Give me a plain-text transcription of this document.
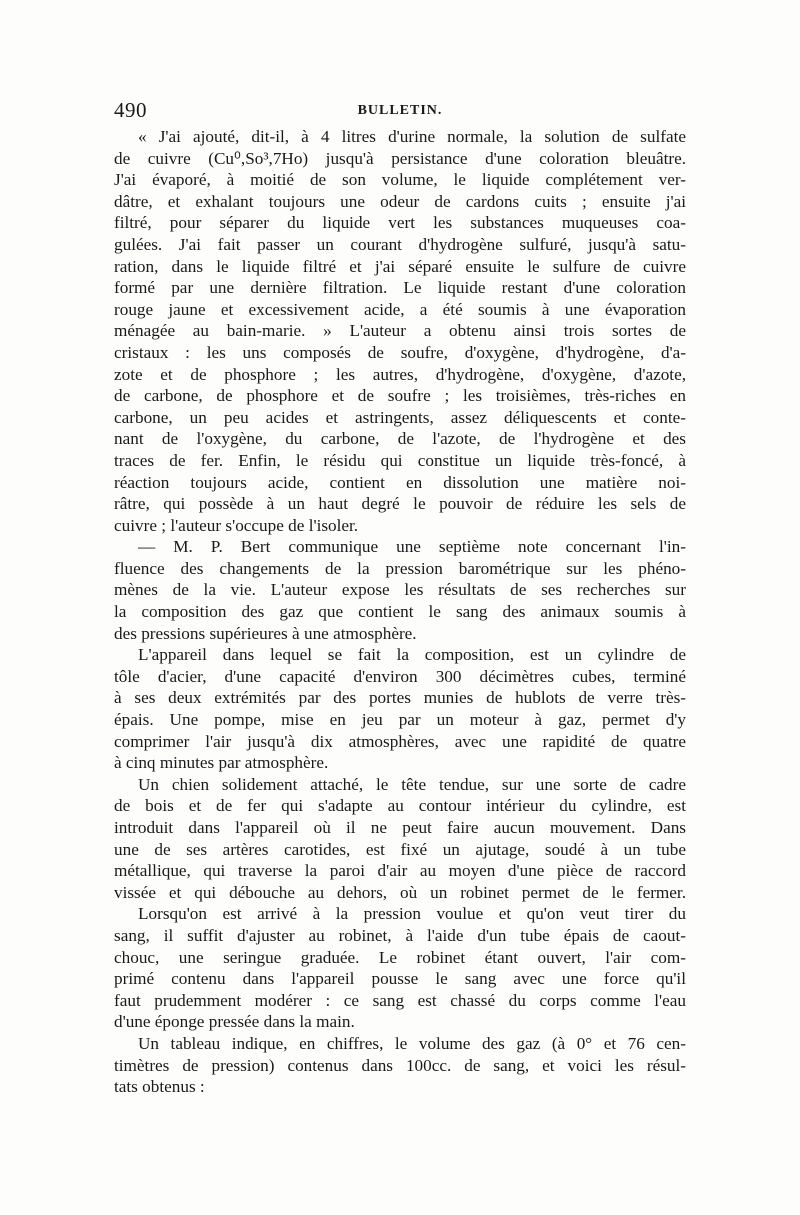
490	BULLETIN.
« J'ai ajouté, dit-il, à 4 litres d'urine normale, la solution de sulfate
de cuivre (Cu⁰,So³,7Ho) jusqu'à persistance d'une coloration bleuâtre.
J'ai évaporé, à moitié de son volume, le liquide complétement ver-
dâtre, et exhalant toujours une odeur de cardons cuits ; ensuite j'ai
filtré, pour séparer du liquide vert les substances muqueuses coa-
gulées. J'ai fait passer un courant d'hydrogène sulfuré, jusqu'à satu-
ration, dans le liquide filtré et j'ai séparé ensuite le sulfure de cuivre
formé par une dernière filtration. Le liquide restant d'une coloration
rouge jaune et excessivement acide, a été soumis à une évaporation
ménagée au bain-marie. » L'auteur a obtenu ainsi trois sortes de
cristaux : les uns composés de soufre, d'oxygène, d'hydrogène, d'a-
zote et de phosphore ; les autres, d'hydrogène, d'oxygène, d'azote,
de carbone, de phosphore et de soufre ; les troisièmes, très-riches en
carbone, un peu acides et astringents, assez déliquescents et conte-
nant de l'oxygène, du carbone, de l'azote, de l'hydrogène et des
traces de fer. Enfin, le résidu qui constitue un liquide très-foncé, à
réaction toujours acide, contient en dissolution une matière noi-
râtre, qui possède à un haut degré le pouvoir de réduire les sels de
cuivre ; l'auteur s'occupe de l'isoler.
— M. P. Bert communique une septième note concernant l'in-
fluence des changements de la pression barométrique sur les phéno-
mènes de la vie. L'auteur expose les résultats de ses recherches sur
la composition des gaz que contient le sang des animaux soumis à
des pressions supérieures à une atmosphère.
L'appareil dans lequel se fait la composition, est un cylindre de
tôle d'acier, d'une capacité d'environ 300 décimètres cubes, terminé
à ses deux extrémités par des portes munies de hublots de verre très-
épais. Une pompe, mise en jeu par un moteur à gaz, permet d'y
comprimer l'air jusqu'à dix atmosphères, avec une rapidité de quatre
à cinq minutes par atmosphère.
Un chien solidement attaché, le tête tendue, sur une sorte de cadre
de bois et de fer qui s'adapte au contour intérieur du cylindre, est
introduit dans l'appareil où il ne peut faire aucun mouvement. Dans
une de ses artères carotides, est fixé un ajutage, soudé à un tube
métallique, qui traverse la paroi d'air au moyen d'une pièce de raccord
vissée et qui débouche au dehors, où un robinet permet de le fermer.
Lorsqu'on est arrivé à la pression voulue et qu'on veut tirer du
sang, il suffit d'ajuster au robinet, à l'aide d'un tube épais de caout-
chouc, une seringue graduée. Le robinet étant ouvert, l'air com-
primé contenu dans l'appareil pousse le sang avec une force qu'il
faut prudemment modérer : ce sang est chassé du corps comme l'eau
d'une éponge pressée dans la main.
Un tableau indique, en chiffres, le volume des gaz (à 0° et 76 cen-
timètres de pression) contenus dans 100cc. de sang, et voici les résul-
tats obtenus :
